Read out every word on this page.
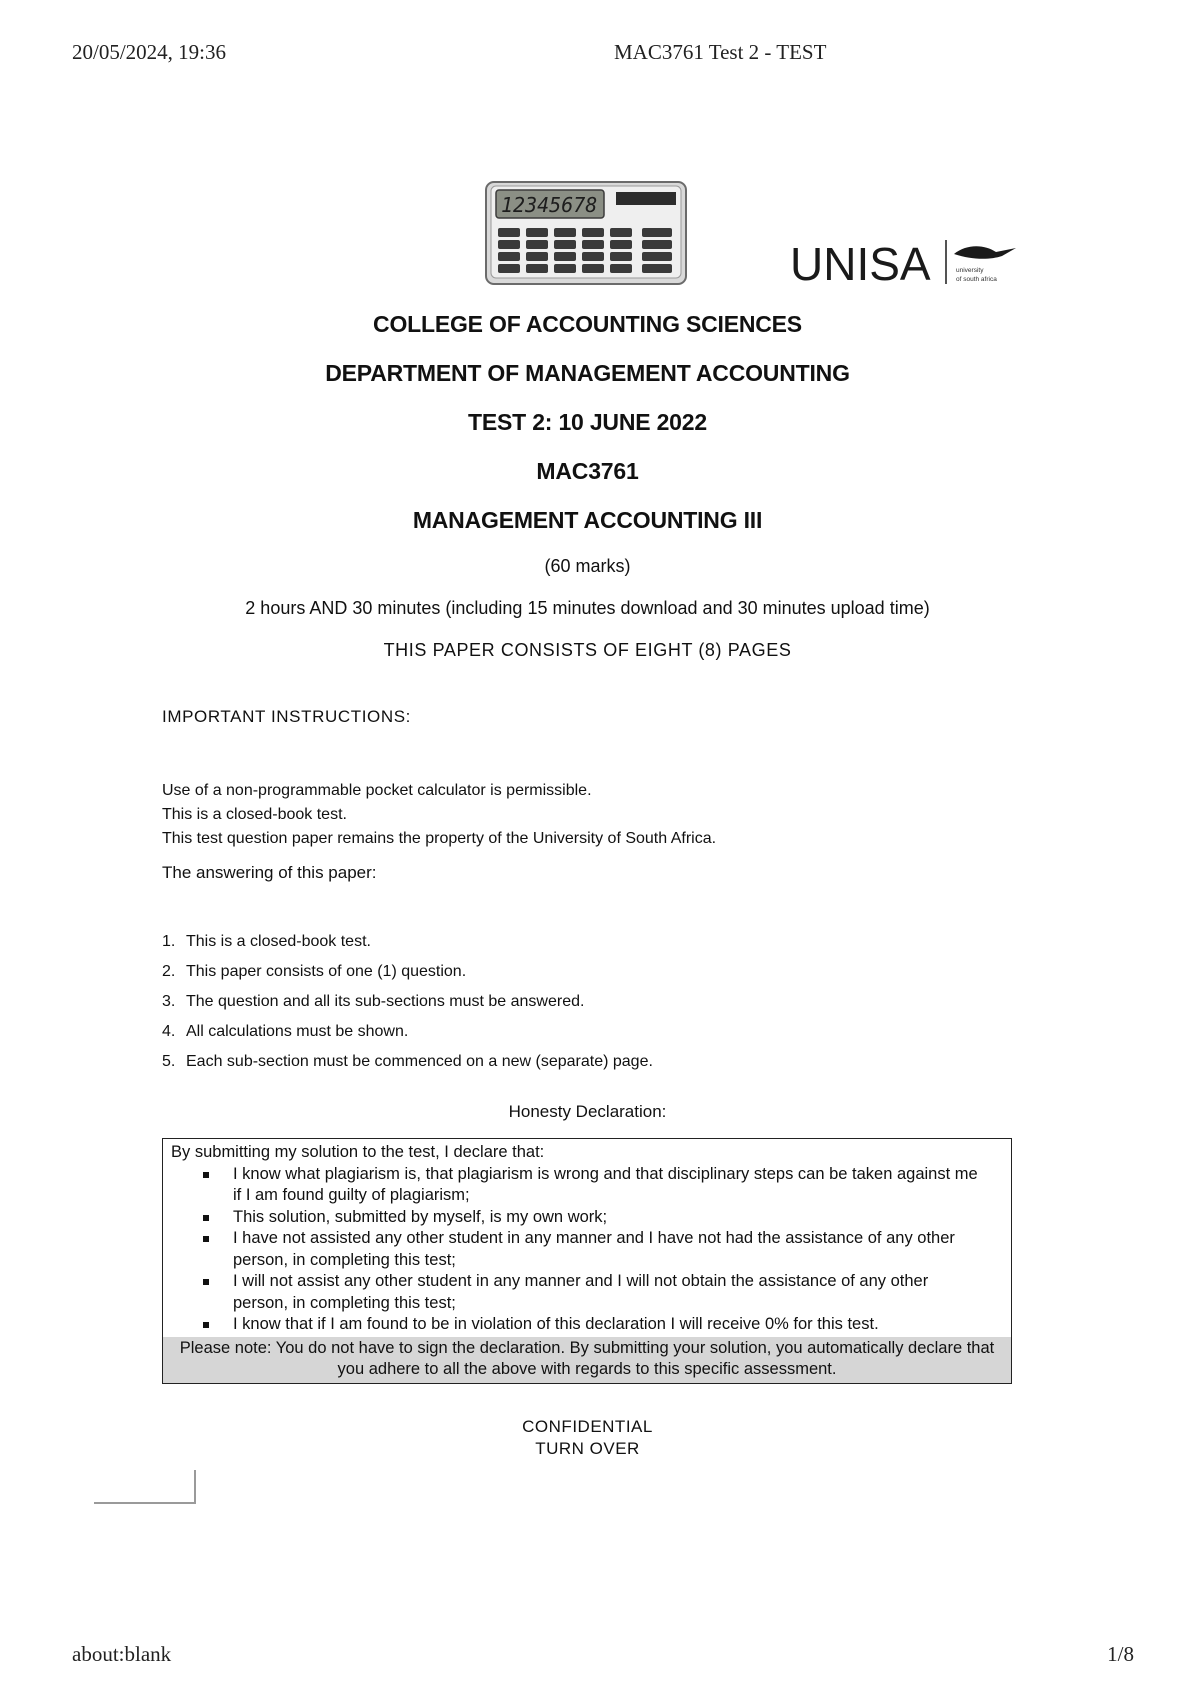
20/05/2024, 19:36	MAC3761 Test 2 - TEST
12345678
UNISA	university
of south africa

COLLEGE OF ACCOUNTING SCIENCES

DEPARTMENT OF MANAGEMENT ACCOUNTING

TEST 2: 10 JUNE 2022

MAC3761

MANAGEMENT ACCOUNTING III

(60 marks)

2 hours AND 30 minutes (including 15 minutes download and 30 minutes upload time)

THIS PAPER CONSISTS OF EIGHT (8) PAGES

IMPORTANT INSTRUCTIONS:

Use of a non-programmable pocket calculator is permissible.
This is a closed-book test.
This test question paper remains the property of the University of South Africa.

The answering of this paper:

1. This is a closed-book test.
2. This paper consists of one (1) question.
3. The question and all its sub-sections must be answered.
4. All calculations must be shown.
5. Each sub-section must be commenced on a new (separate) page.
Honesty Declaration:
By submitting my solution to the test, I declare that:
I know what plagiarism is, that plagiarism is wrong and that disciplinary steps can be taken against me if I am found guilty of plagiarism;
This solution, submitted by myself, is my own work;
I have not assisted any other student in any manner and I have not had the assistance of any other person, in completing this test;
I will not assist any other student in any manner and I will not obtain the assistance of any other person, in completing this test;
I know that if I am found to be in violation of this declaration I will receive 0% for this test.
Please note: You do not have to sign the declaration. By submitting your solution, you automatically declare that you adhere to all the above with regards to this specific assessment.
CONFIDENTIAL
TURN OVER
about:blank	1/8
